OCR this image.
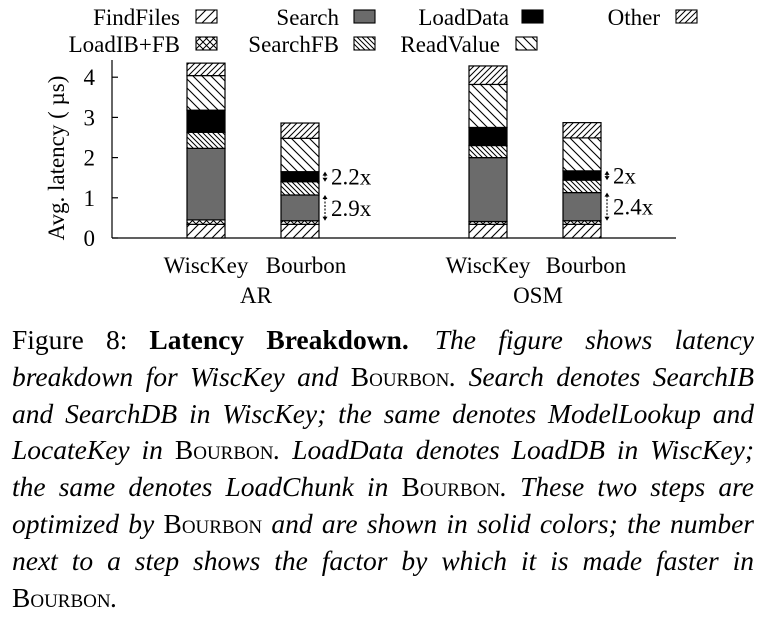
FindFiles
LoadIB+FB
Search
SearchFB
LoadData
ReadValue
Other
0
1
2
3
4
Avg. latency ( µs)	2.2x
2.9x
2x
2.4x
WiscKey Bourbon	WiscKey Bourbon
AR	OSM

Figure 8: Latency Breakdown. The figure shows latency breakdown for WiscKey and Bourbon. Search denotes SearchIB and SearchDB in WiscKey; the same denotes ModelLookup and LocateKey in Bourbon. LoadData denotes LoadDB in WiscKey; the same denotes LoadChunk in Bourbon. These two steps are optimized by Bourbon and are shown in solid colors; the number next to a step shows the factor by which it is made faster in Bourbon.
